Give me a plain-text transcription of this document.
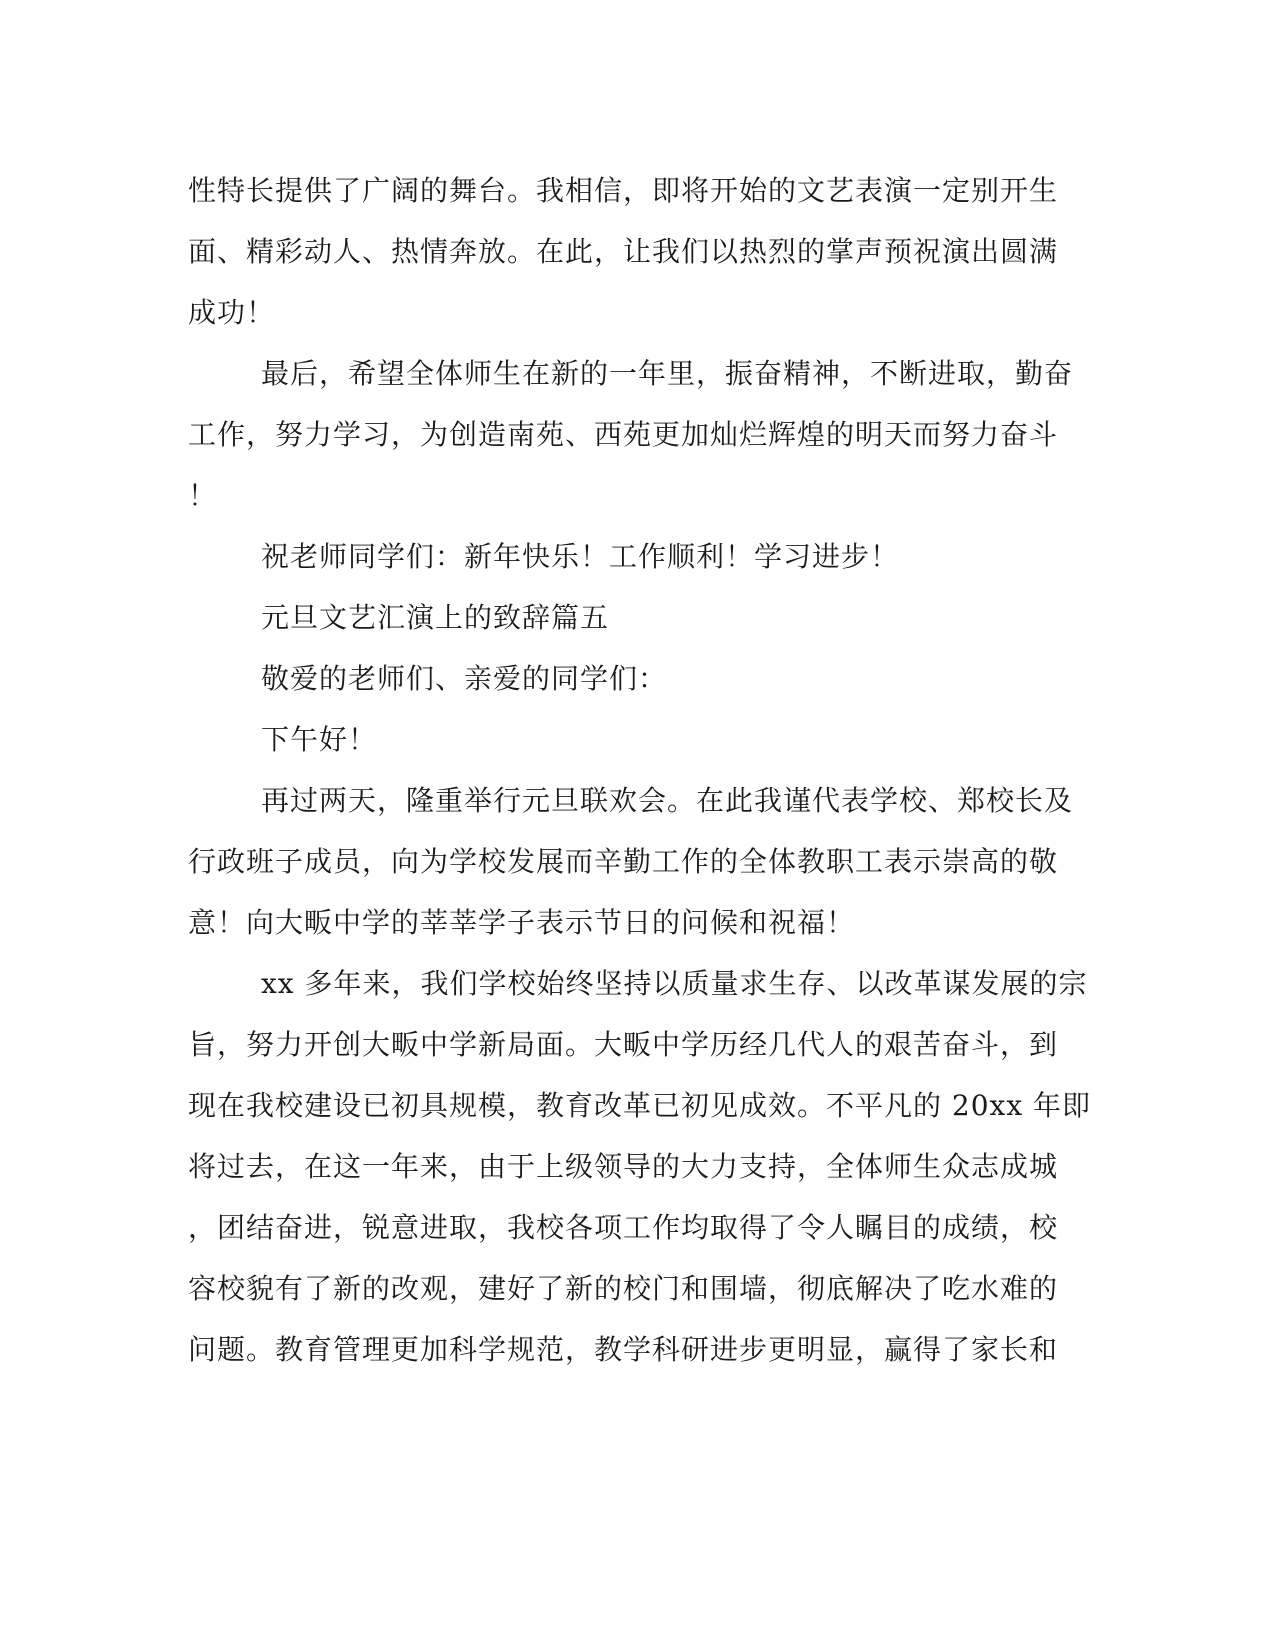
性特长提供了广阔的舞台。我相信，即将开始的文艺表演一定别开生
面、精彩动人、热情奔放。在此，让我们以热烈的掌声预祝演出圆满
成功！
最后，希望全体师生在新的一年里，振奋精神，不断进取，勤奋
工作，努力学习，为创造南苑、西苑更加灿烂辉煌的明天而努力奋斗
！
祝老师同学们：新年快乐！工作顺利！学习进步！
元旦文艺汇演上的致辞篇五
敬爱的老师们、亲爱的同学们：
下午好！
再过两天，隆重举行元旦联欢会。在此我谨代表学校、郑校长及
行政班子成员，向为学校发展而辛勤工作的全体教职工表示崇高的敬
意！向大畈中学的莘莘学子表示节日的问候和祝福！
xx 多年来，我们学校始终坚持以质量求生存、以改革谋发展的宗
旨，努力开创大畈中学新局面。大畈中学历经几代人的艰苦奋斗，到
现在我校建设已初具规模，教育改革已初见成效。不平凡的 20xx 年即
将过去，在这一年来，由于上级领导的大力支持，全体师生众志成城
，团结奋进，锐意进取，我校各项工作均取得了令人瞩目的成绩，校
容校貌有了新的改观，建好了新的校门和围墙，彻底解决了吃水难的
问题。教育管理更加科学规范，教学科研进步更明显，赢得了家长和
